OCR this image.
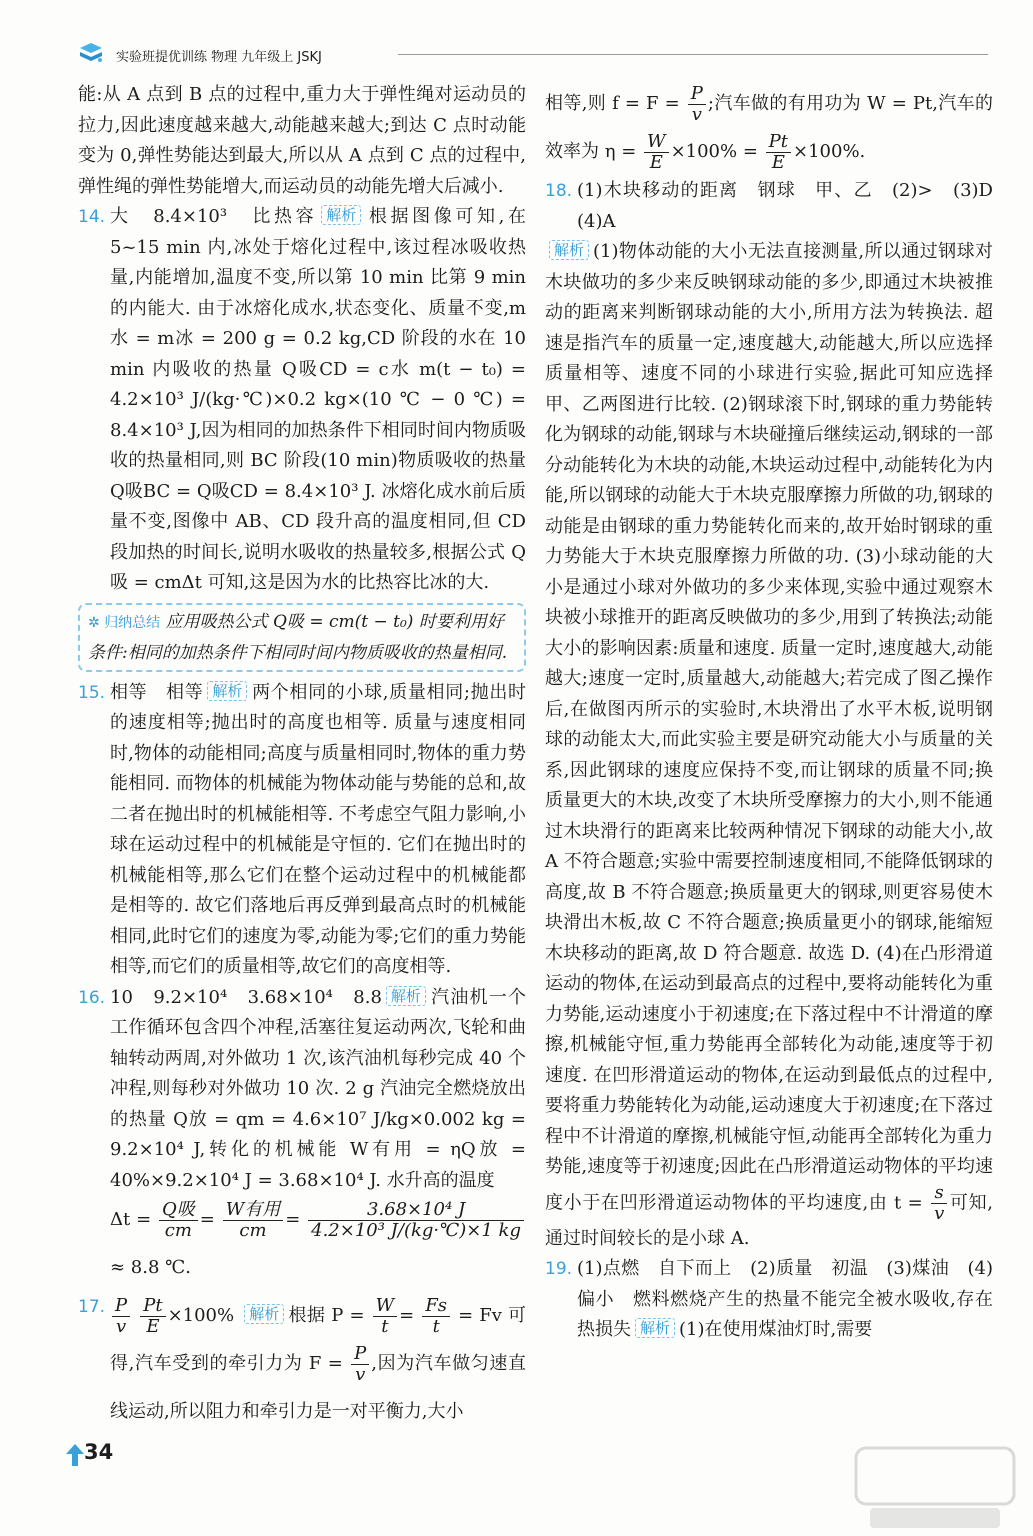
实验班提优训练 物理 九年级上 JSKJ

能:从 A 点到 B 点的过程中,重力大于弹性绳对运动员的拉力,因此速度越来越大,动能越来越大;到达 C 点时动能变为 0,弹性势能达到最大,所以从 A 点到 C 点的过程中,弹性绳的弹性势能增大,而运动员的动能先增大后减小.

14. 大　8.4×10³　比热容 解析 根据图像可知,在 5~15 min 内,冰处于熔化过程中,该过程冰吸收热量,内能增加,温度不变,所以第 10 min 比第 9 min 的内能大. 由于冰熔化成水,状态变化、质量不变,m水 = m冰 = 200 g = 0.2 kg,CD 阶段的水在 10 min 内吸收的热量 Q吸CD = c水 m(t − t₀) = 4.2×10³ J/(kg·℃)×0.2 kg×(10 ℃ − 0 ℃) = 8.4×10³ J,因为相同的加热条件下相同时间内物质吸收的热量相同,则 BC 阶段(10 min)物质吸收的热量 Q吸BC = Q吸CD = 8.4×10³ J. 冰熔化成水前后质量不变,图像中 AB、CD 段升高的温度相同,但 CD 段加热的时间长,说明水吸收的热量较多,根据公式 Q吸 = cmΔt 可知,这是因为水的比热容比冰的大.

✲ 归纳总结 应用吸热公式 Q吸 = cm(t − t₀) 时要利用好条件:相同的加热条件下相同时间内物质吸收的热量相同.
15. 相等　相等 解析 两个相同的小球,质量相同;抛出时的速度相等;抛出时的高度也相等. 质量与速度相同时,物体的动能相同;高度与质量相同时,物体的重力势能相同. 而物体的机械能为物体动能与势能的总和,故二者在抛出时的机械能相等. 不考虑空气阻力影响,小球在运动过程中的机械能是守恒的. 它们在抛出时的机械能相等,那么它们在整个运动过程中的机械能都是相等的. 故它们落地后再反弹到最高点时的机械能相同,此时它们的速度为零,动能为零;它们的重力势能相等,而它们的质量相等,故它们的高度相等.

16. 10　9.2×10⁴　3.68×10⁴　8.8 解析 汽油机一个工作循环包含四个冲程,活塞往复运动两次,飞轮和曲轴转动两周,对外做功 1 次,该汽油机每秒完成 40 个冲程,则每秒对外做功 10 次. 2 g 汽油完全燃烧放出的热量 Q放 = qm = 4.6×10⁷ J/kg×0.002 kg = 9.2×10⁴ J,转化的机械能 W有用 = ηQ放 = 40%×9.2×10⁴ J = 3.68×10⁴ J. 水升高的温度

$\Delta t = \frac{\text{Q吸}}{cm} = \frac{\text{W有用}}{cm} = \frac{\text{3.68×10⁴ J}}{\text{4.2×10³ J/(kg·℃)×1 kg}}$
≈ 8.8 ℃.

17. $\frac{P}{v}$
$\frac{Pt}{E} \times 100\%$ 解析 根据 $P = \frac{W}{t} = \frac{Fs}{t} = Fv$ 可得,汽车受到的牵引力为 $F = \frac{P}{v}$ ,因为汽车做匀速直线运动,所以阻力和牵引力是一对平衡力,大小

相等,则 $f = F = \frac{P}{v}$ ;汽车做的有用功为 W = Pt,汽车的效率为 $\eta = \frac{W}{E} \times 100\% = \frac{Pt}{E} \times 100\%$.

18. (1)木块移动的距离　钢球　甲、乙　(2)>　(3)D　(4)A

解析 (1)物体动能的大小无法直接测量,所以通过钢球对木块做功的多少来反映钢球动能的多少,即通过木块被推动的距离来判断钢球动能的大小,所用方法为转换法. 超速是指汽车的质量一定,速度越大,动能越大,所以应选择质量相等、速度不同的小球进行实验,据此可知应选择甲、乙两图进行比较. (2)钢球滚下时,钢球的重力势能转化为钢球的动能,钢球与木块碰撞后继续运动,钢球的一部分动能转化为木块的动能,木块运动过程中,动能转化为内能,所以钢球的动能大于木块克服摩擦力所做的功,钢球的动能是由钢球的重力势能转化而来的,故开始时钢球的重力势能大于木块克服摩擦力所做的功. (3)小球动能的大小是通过小球对外做功的多少来体现,实验中通过观察木块被小球推开的距离反映做功的多少,用到了转换法;动能大小的影响因素:质量和速度. 质量一定时,速度越大,动能越大;速度一定时,质量越大,动能越大;若完成了图乙操作后,在做图丙所示的实验时,木块滑出了水平木板,说明钢球的动能太大,而此实验主要是研究动能大小与质量的关系,因此钢球的速度应保持不变,而让钢球的质量不同;换质量更大的木块,改变了木块所受摩擦力的大小,则不能通过木块滑行的距离来比较两种情况下钢球的动能大小,故 A 不符合题意;实验中需要控制速度相同,不能降低钢球的高度,故 B 不符合题意;换质量更大的钢球,则更容易使木块滑出木板,故 C 不符合题意;换质量更小的钢球,能缩短木块移动的距离,故 D 符合题意. 故选 D. (4)在凸形滑道运动的物体,在运动到最高点的过程中,要将动能转化为重力势能,运动速度小于初速度;在下落过程中不计滑道的摩擦,机械能守恒,重力势能再全部转化为动能,速度等于初速度. 在凹形滑道运动的物体,在运动到最低点的过程中,要将重力势能转化为动能,运动速度大于初速度;在下落过程中不计滑道的摩擦,机械能守恒,动能再全部转化为重力势能,速度等于初速度;因此在凸形滑道运动物体的平均速度小于在凹形滑道运动物体的平均速度,由 $t = \frac{s}{v}$ 可知,通过时间较长的是小球 A.

19. (1)点燃　自下而上　(2)质量　初温　(3)煤油　(4)偏小　燃料燃烧产生的热量不能完全被水吸收,存在热损失 解析 (1)在使用煤油灯时,需要

34
